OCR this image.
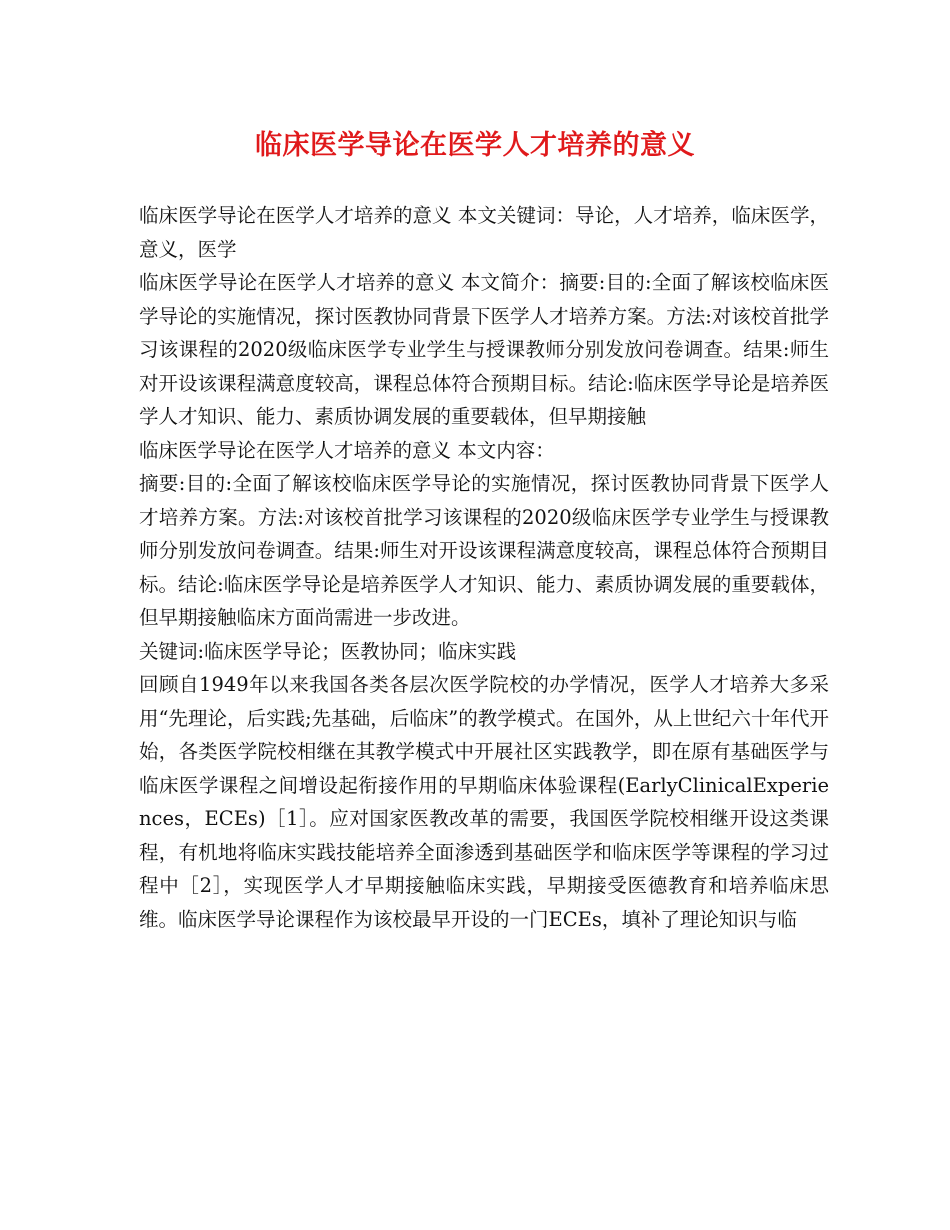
临床医学导论在医学人才培养的意义

临床医学导论在医学人才培养的意义 本文关键词：导论，人才培养，临床医学，意义，医学

临床医学导论在医学人才培养的意义 本文简介：摘要:目的:全面了解该校临床医学导论的实施情况，探讨医教协同背景下医学人才培养方案。方法:对该校首批学习该课程的2020级临床医学专业学生与授课教师分别发放问卷调查。结果:师生对开设该课程满意度较高，课程总体符合预期目标。结论:临床医学导论是培养医学人才知识、能力、素质协调发展的重要载体，但早期接触

临床医学导论在医学人才培养的意义 本文内容：

摘要:目的:全面了解该校临床医学导论的实施情况，探讨医教协同背景下医学人才培养方案。方法:对该校首批学习该课程的2020级临床医学专业学生与授课教师分别发放问卷调查。结果:师生对开设该课程满意度较高，课程总体符合预期目标。结论:临床医学导论是培养医学人才知识、能力、素质协调发展的重要载体，但早期接触临床方面尚需进一步改进。

关键词:临床医学导论；医教协同；临床实践

回顾自1949年以来我国各类各层次医学院校的办学情况，医学人才培养大多采用“先理论，后实践;先基础，后临床”的教学模式。在国外，从上世纪六十年代开始，各类医学院校相继在其教学模式中开展社区实践教学，即在原有基础医学与临床医学课程之间增设起衔接作用的早期临床体验课程(EarlyClinicalExperiences，ECEs)［1］。应对国家医教改革的需要，我国医学院校相继开设这类课程，有机地将临床实践技能培养全面渗透到基础医学和临床医学等课程的学习过程中［2］，实现医学人才早期接触临床实践，早期接受医德教育和培养临床思维。临床医学导论课程作为该校最早开设的一门ECEs，填补了理论知识与临
